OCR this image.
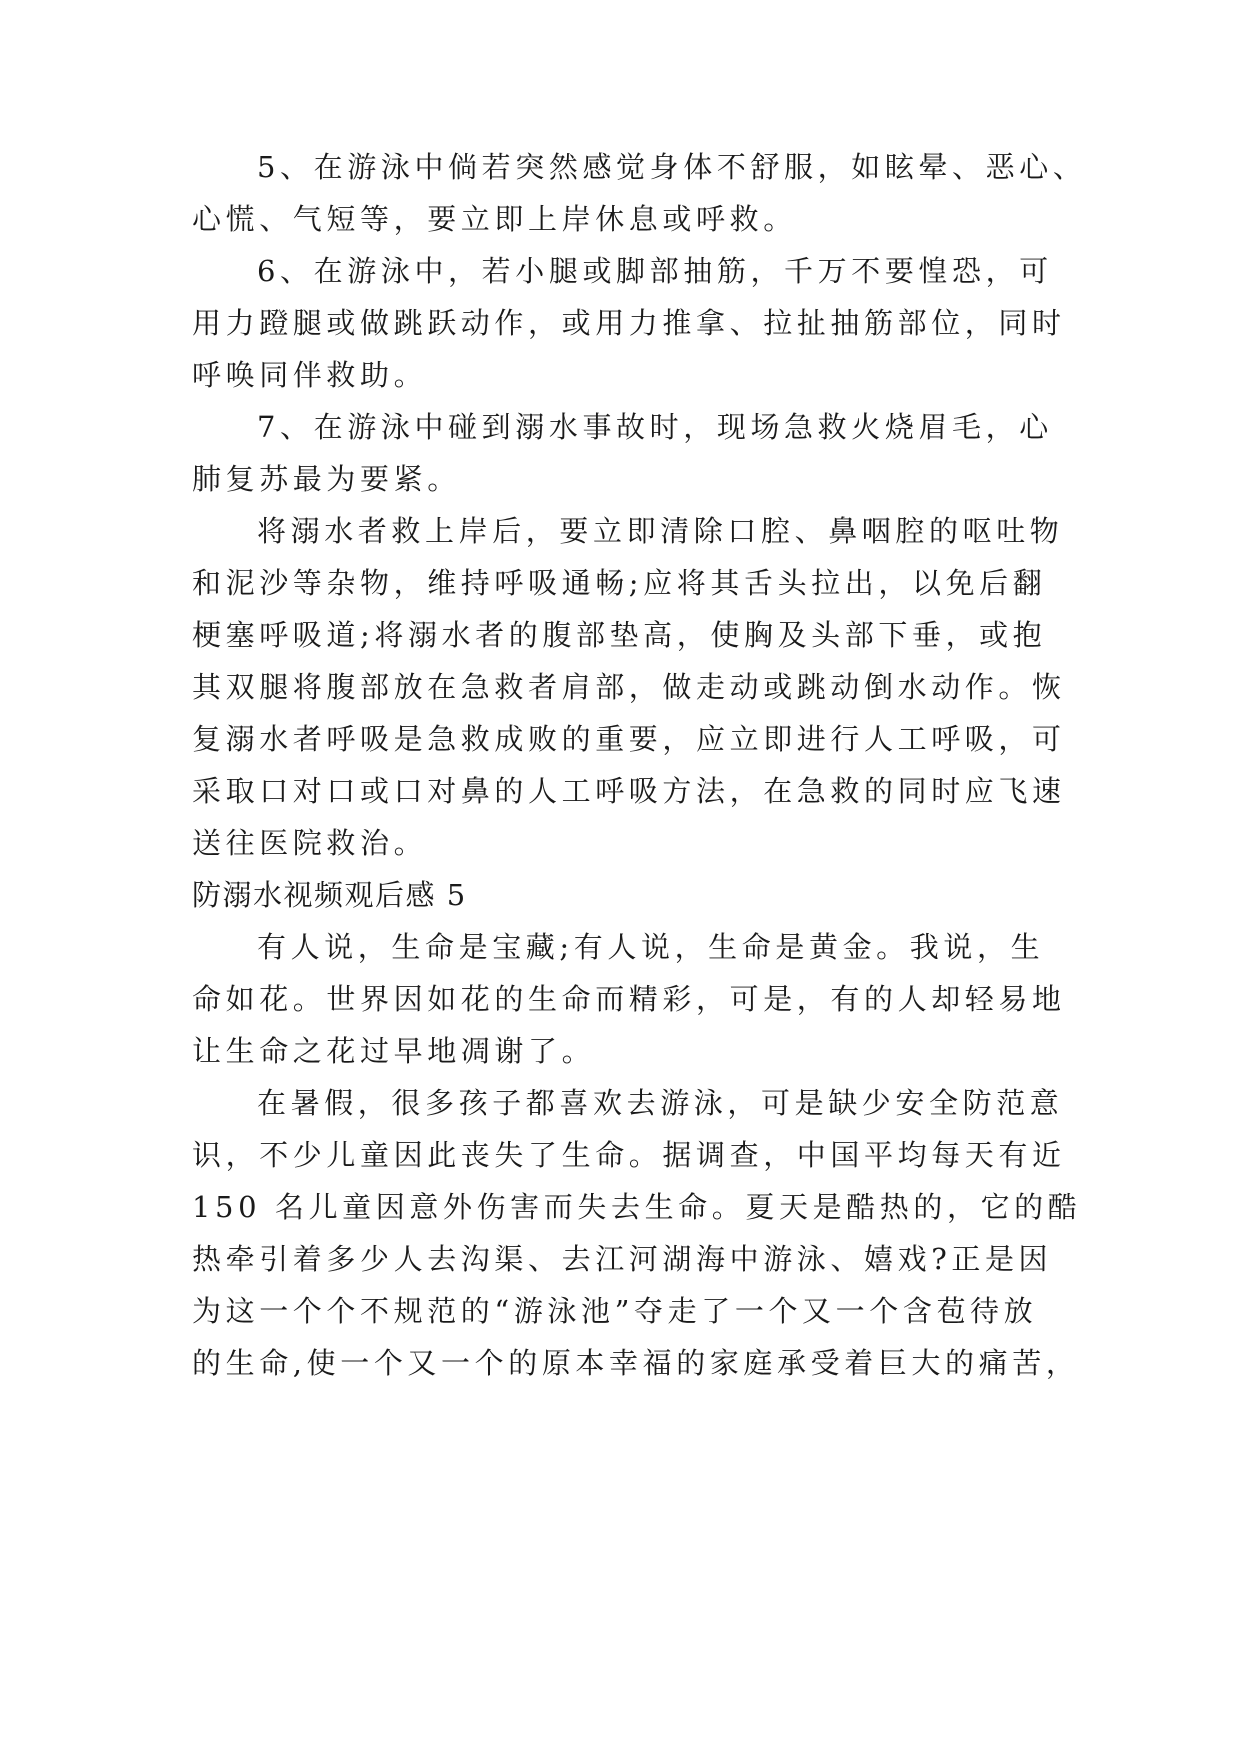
5、在游泳中倘若突然感觉身体不舒服，如眩晕、恶心、
心慌、气短等，要立即上岸休息或呼救。
6、在游泳中，若小腿或脚部抽筋，千万不要惶恐，可
用力蹬腿或做跳跃动作，或用力推拿、拉扯抽筋部位，同时
呼唤同伴救助。
7、在游泳中碰到溺水事故时，现场急救火烧眉毛，心
肺复苏最为要紧。
将溺水者救上岸后，要立即清除口腔、鼻咽腔的呕吐物
和泥沙等杂物，维持呼吸通畅;应将其舌头拉出，以免后翻
梗塞呼吸道;将溺水者的腹部垫高，使胸及头部下垂，或抱
其双腿将腹部放在急救者肩部，做走动或跳动倒水动作。恢
复溺水者呼吸是急救成败的重要，应立即进行人工呼吸，可
采取口对口或口对鼻的人工呼吸方法，在急救的同时应飞速
送往医院救治。
防溺水视频观后感 5
有人说，生命是宝藏;有人说，生命是黄金。我说，生
命如花。世界因如花的生命而精彩，可是，有的人却轻易地
让生命之花过早地凋谢了。
在暑假，很多孩子都喜欢去游泳，可是缺少安全防范意
识，不少儿童因此丧失了生命。据调查，中国平均每天有近
150 名儿童因意外伤害而失去生命。夏天是酷热的，它的酷
热牵引着多少人去沟渠、去江河湖海中游泳、嬉戏?正是因
为这一个个不规范的“游泳池”夺走了一个又一个含苞待放
的生命,使一个又一个的原本幸福的家庭承受着巨大的痛苦，
